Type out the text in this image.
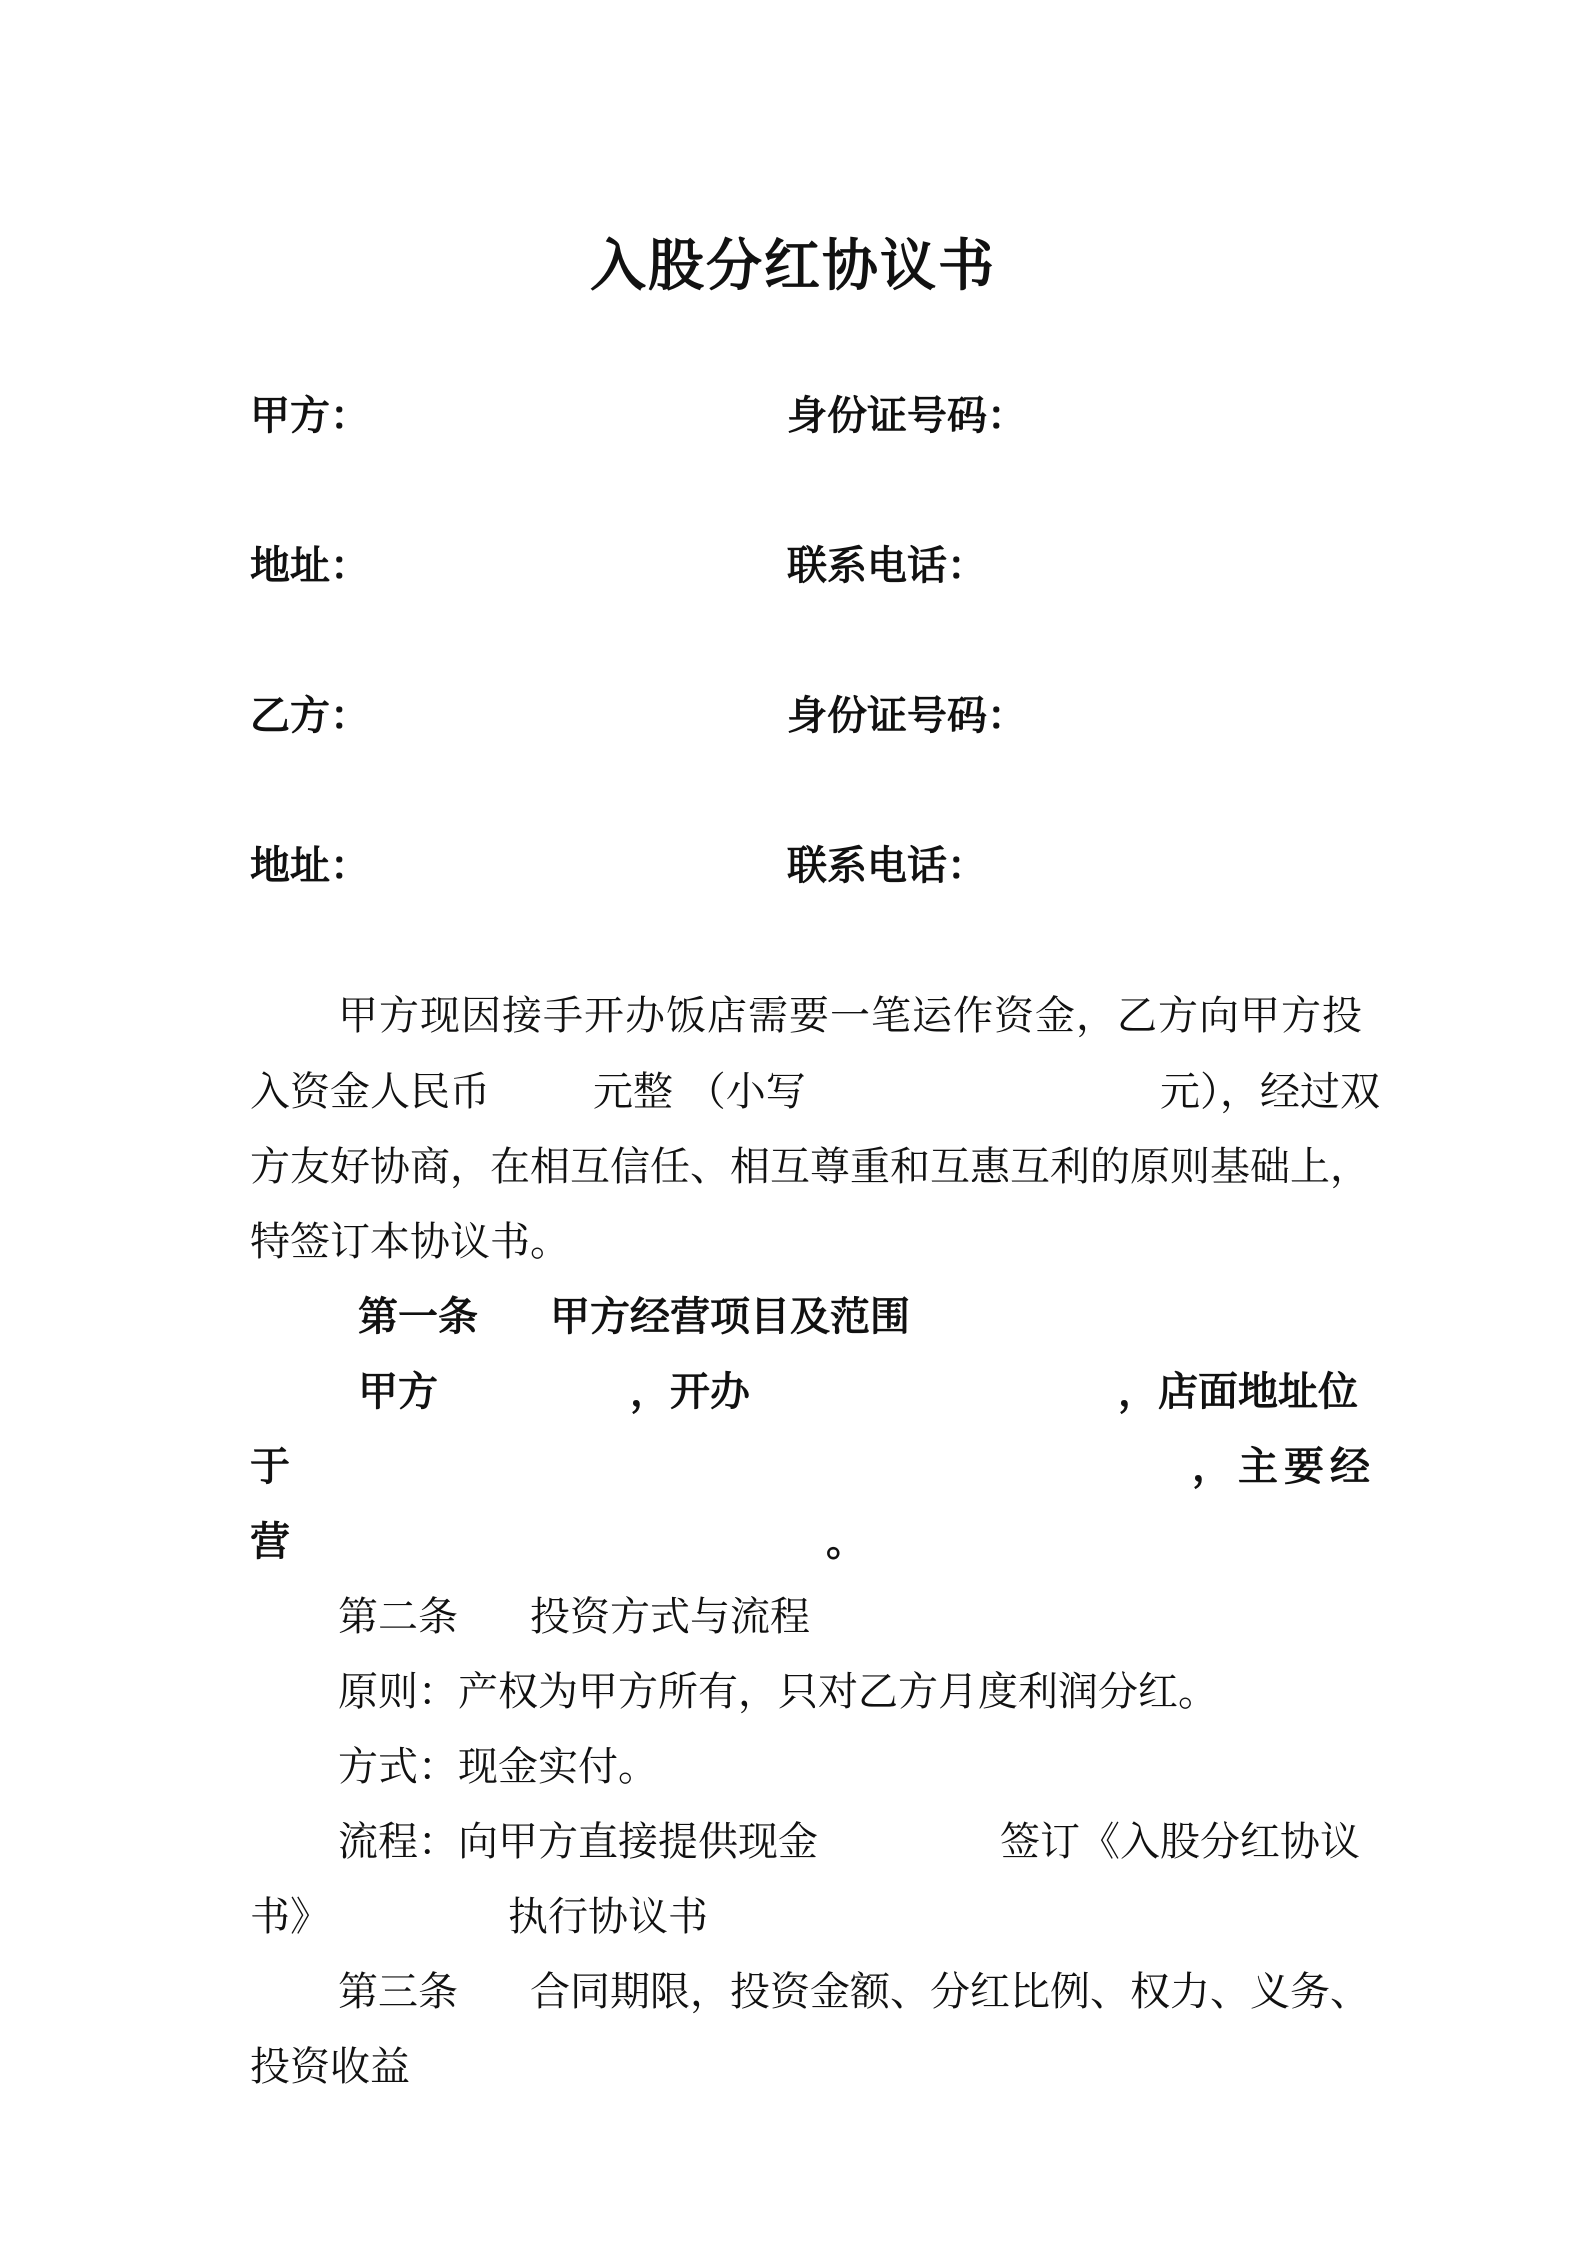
入股分红协议书
甲方：	身份证号码：
地址：	联系电话：
乙方：	身份证号码：
地址：	联系电话：
甲方现因接手开办饭店需要一笔运作资金，乙方向甲方投
入资金人民币	元整 （小写	元），经过双
方友好协商，在相互信任、相互尊重和互惠互利的原则基础上，
特签订本协议书。
第一条 甲方经营项目及范围
甲方	，开办	，店面地址位
于	，主要经
营	。
第二条 投资方式与流程
原则：产权为甲方所有，只对乙方月度利润分红。
方式：现金实付。
流程：向甲方直接提供现金	签订《入股分红协议
书》	执行协议书
第三条 合同期限，投资金额、分红比例、权力、义务、
投资收益
